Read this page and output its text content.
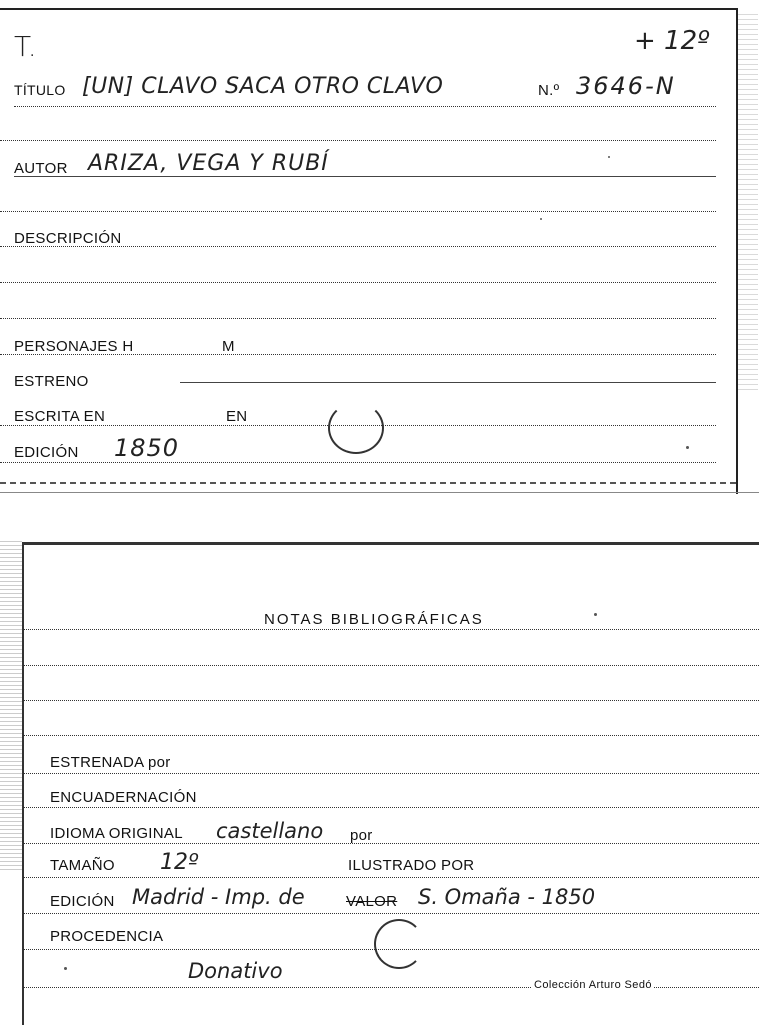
T.	+ 12º
TÍTULO [UN] CLAVO SACA OTRO CLAVO	N.º 3646-N
AUTOR ARIZA, VEGA Y RUBÍ
DESCRIPCIÓN
PERSONAJES H	M
ESTRENO
ESCRITA EN	EN
EDICIÓN 1850
NOTAS BIBLIOGRÁFICAS
ESTRENADA por
ENCUADERNACIÓN
IDIOMA ORIGINAL castellano por
TAMAÑO 12º	ILUSTRADO POR
EDICIÓN Madrid - Imp. de	VALOR S. Omaña - 1850
PROCEDENCIA
Donativo
Colección Arturo Sedó
